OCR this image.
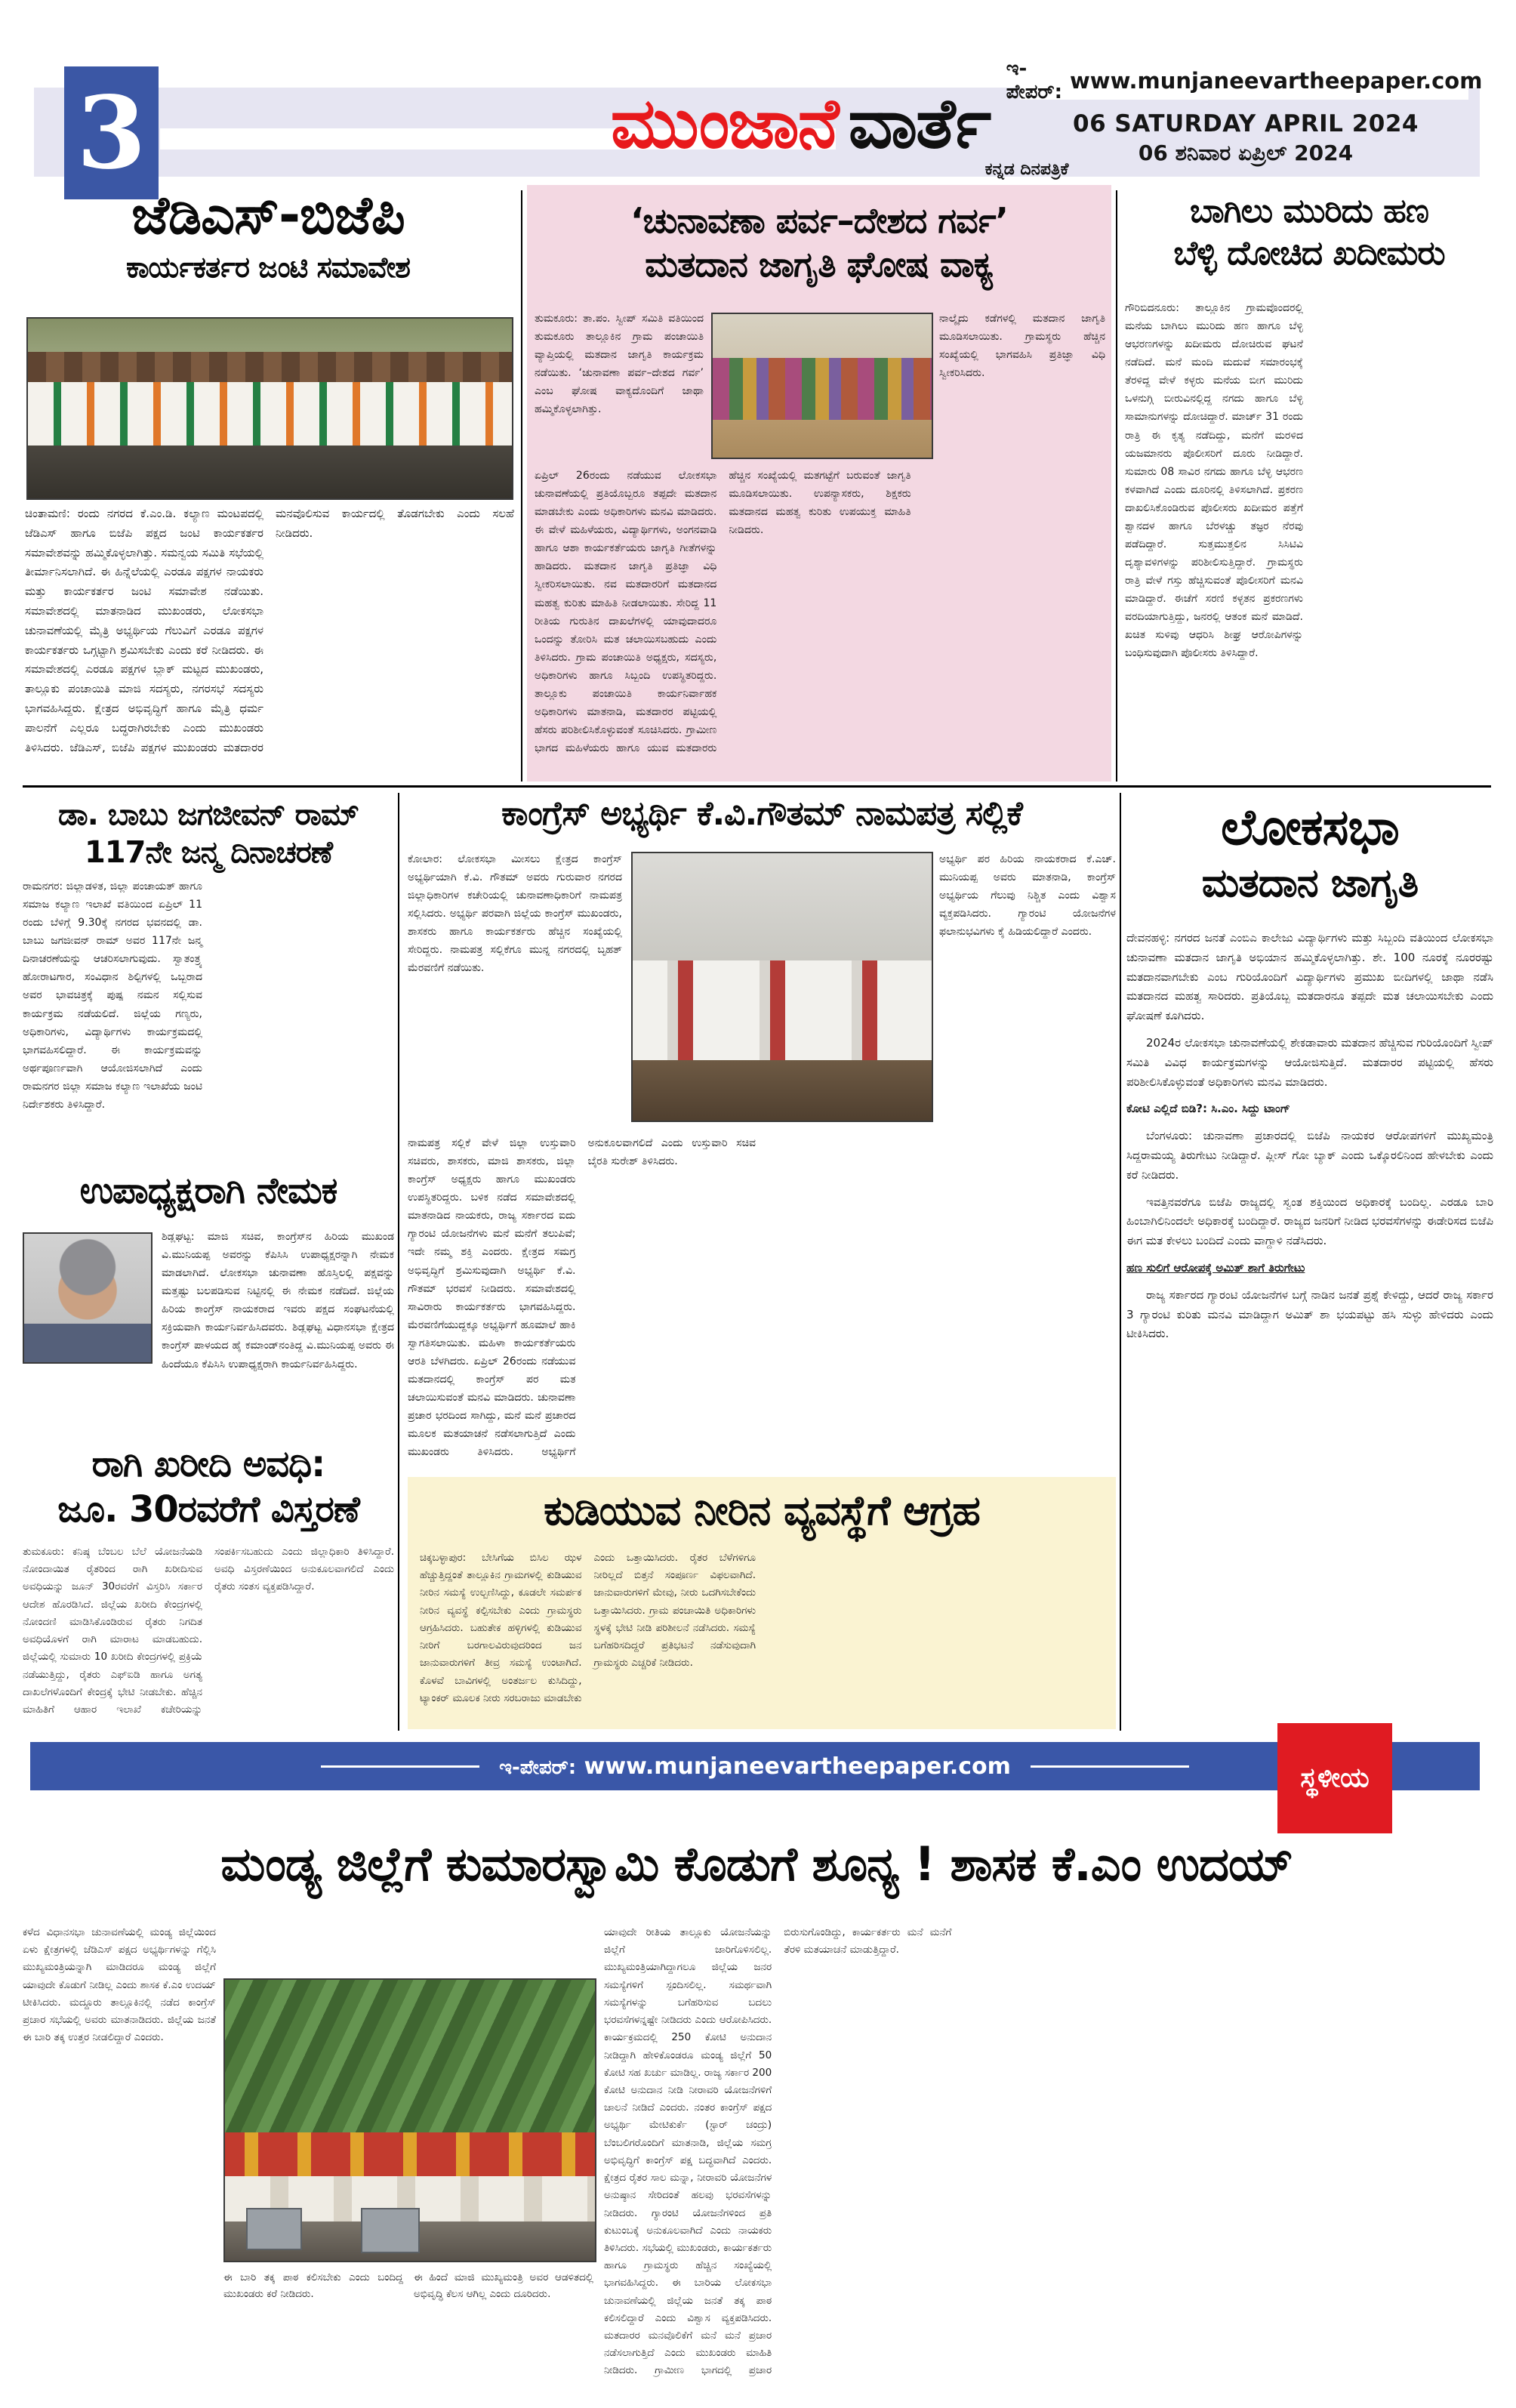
3	ಮುಂಜಾನೆ ವಾರ್ತೆ
ಕನ್ನಡ ದಿನಪತ್ರಿಕೆ
ಇ-ಪೇಪರ್: www.munjaneevartheepaper.com
06 SATURDAY APRIL 2024
06 ಶನಿವಾರ ಏಪ್ರಿಲ್ 2024
ಜೆಡಿಎಸ್-ಬಿಜೆಪಿ
ಕಾರ್ಯಕರ್ತರ ಜಂಟಿ ಸಮಾವೇಶ

ಚಿಂತಾಮಣಿ: ರಂದು ನಗರದ ಕೆ.ಎಂ.ಡಿ. ಕಲ್ಯಾಣ ಮಂಟಪದಲ್ಲಿ ಜೆಡಿಎಸ್ ಹಾಗೂ ಬಿಜೆಪಿ ಪಕ್ಷದ ಜಂಟಿ ಕಾರ್ಯಕರ್ತರ ಸಮಾವೇಶವನ್ನು ಹಮ್ಮಿಕೊಳ್ಳಲಾಗಿತ್ತು. ಸಮನ್ವಯ ಸಮಿತಿ ಸಭೆಯಲ್ಲಿ ತೀರ್ಮಾನಿಸಲಾಗಿದೆ. ಈ ಹಿನ್ನೆಲೆಯಲ್ಲಿ ಎರಡೂ ಪಕ್ಷಗಳ ನಾಯಕರು ಮತ್ತು ಕಾರ್ಯಕರ್ತರ ಜಂಟಿ ಸಮಾವೇಶ ನಡೆಯಿತು. ಸಮಾವೇಶದಲ್ಲಿ ಮಾತನಾಡಿದ ಮುಖಂಡರು, ಲೋಕಸಭಾ ಚುನಾವಣೆಯಲ್ಲಿ ಮೈತ್ರಿ ಅಭ್ಯರ್ಥಿಯ ಗೆಲುವಿಗೆ ಎರಡೂ ಪಕ್ಷಗಳ ಕಾರ್ಯಕರ್ತರು ಒಗ್ಗಟ್ಟಾಗಿ ಶ್ರಮಿಸಬೇಕು ಎಂದು ಕರೆ ನೀಡಿದರು. ಈ ಸಮಾವೇಶದಲ್ಲಿ ಎರಡೂ ಪಕ್ಷಗಳ ಬ್ಲಾಕ್ ಮಟ್ಟದ ಮುಖಂಡರು, ತಾಲ್ಲೂಕು ಪಂಚಾಯಿತಿ ಮಾಜಿ ಸದಸ್ಯರು, ನಗರಸಭೆ ಸದಸ್ಯರು ಭಾಗವಹಿಸಿದ್ದರು. ಕ್ಷೇತ್ರದ ಅಭಿವೃದ್ಧಿಗೆ ಹಾಗೂ ಮೈತ್ರಿ ಧರ್ಮ ಪಾಲನೆಗೆ ಎಲ್ಲರೂ ಬದ್ಧರಾಗಿರಬೇಕು ಎಂದು ಮುಖಂಡರು ತಿಳಿಸಿದರು. ಜೆಡಿಎಸ್, ಬಿಜೆಪಿ ಪಕ್ಷಗಳ ಮುಖಂಡರು ಮತದಾರರ ಮನವೊಲಿಸುವ ಕಾರ್ಯದಲ್ಲಿ ತೊಡಗಬೇಕು ಎಂದು ಸಲಹೆ ನೀಡಿದರು.

‘ಚುನಾವಣಾ ಪರ್ವ–ದೇಶದ ಗರ್ವ’
ಮತದಾನ ಜಾಗೃತಿ ಘೋಷ ವಾಕ್ಯ

ತುಮಕೂರು: ತಾ.ಪಂ. ಸ್ವೀಪ್ ಸಮಿತಿ ವತಿಯಿಂದ ತುಮಕೂರು ತಾಲ್ಲೂಕಿನ ಗ್ರಾಮ ಪಂಚಾಯಿತಿ ವ್ಯಾಪ್ತಿಯಲ್ಲಿ ಮತದಾನ ಜಾಗೃತಿ ಕಾರ್ಯಕ್ರಮ ನಡೆಯಿತು. ‘ಚುನಾವಣಾ ಪರ್ವ–ದೇಶದ ಗರ್ವ’ ಎಂಬ ಘೋಷ ವಾಕ್ಯದೊಂದಿಗೆ ಜಾಥಾ ಹಮ್ಮಿಕೊಳ್ಳಲಾಗಿತ್ತು.

ನಾಲ್ಕೈದು ಕಡೆಗಳಲ್ಲಿ ಮತದಾನ ಜಾಗೃತಿ ಮೂಡಿಸಲಾಯಿತು. ಗ್ರಾಮಸ್ಥರು ಹೆಚ್ಚಿನ ಸಂಖ್ಯೆಯಲ್ಲಿ ಭಾಗವಹಿಸಿ ಪ್ರತಿಜ್ಞಾ ವಿಧಿ ಸ್ವೀಕರಿಸಿದರು.

ಏಪ್ರಿಲ್ 26ರಂದು ನಡೆಯುವ ಲೋಕಸಭಾ ಚುನಾವಣೆಯಲ್ಲಿ ಪ್ರತಿಯೊಬ್ಬರೂ ತಪ್ಪದೇ ಮತದಾನ ಮಾಡಬೇಕು ಎಂದು ಅಧಿಕಾರಿಗಳು ಮನವಿ ಮಾಡಿದರು. ಈ ವೇಳೆ ಮಹಿಳೆಯರು, ವಿದ್ಯಾರ್ಥಿಗಳು, ಅಂಗನವಾಡಿ ಹಾಗೂ ಆಶಾ ಕಾರ್ಯಕರ್ತೆಯರು ಜಾಗೃತಿ ಗೀತೆಗಳನ್ನು ಹಾಡಿದರು. ಮತದಾನ ಜಾಗೃತಿ ಪ್ರತಿಜ್ಞಾ ವಿಧಿ ಸ್ವೀಕರಿಸಲಾಯಿತು. ನವ ಮತದಾರರಿಗೆ ಮತದಾನದ ಮಹತ್ವ ಕುರಿತು ಮಾಹಿತಿ ನೀಡಲಾಯಿತು. ಸೇರಿದ್ದ 11 ರೀತಿಯ ಗುರುತಿನ ದಾಖಲೆಗಳಲ್ಲಿ ಯಾವುದಾದರೂ ಒಂದನ್ನು ತೋರಿಸಿ ಮತ ಚಲಾಯಿಸಬಹುದು ಎಂದು ತಿಳಿಸಿದರು. ಗ್ರಾಮ ಪಂಚಾಯಿತಿ ಅಧ್ಯಕ್ಷರು, ಸದಸ್ಯರು, ಅಧಿಕಾರಿಗಳು ಹಾಗೂ ಸಿಬ್ಬಂದಿ ಉಪಸ್ಥಿತರಿದ್ದರು. ತಾಲ್ಲೂಕು ಪಂಚಾಯಿತಿ ಕಾರ್ಯನಿರ್ವಾಹಕ ಅಧಿಕಾರಿಗಳು ಮಾತನಾಡಿ, ಮತದಾರರ ಪಟ್ಟಿಯಲ್ಲಿ ಹೆಸರು ಪರಿಶೀಲಿಸಿಕೊಳ್ಳುವಂತೆ ಸೂಚಿಸಿದರು. ಗ್ರಾಮೀಣ ಭಾಗದ ಮಹಿಳೆಯರು ಹಾಗೂ ಯುವ ಮತದಾರರು ಹೆಚ್ಚಿನ ಸಂಖ್ಯೆಯಲ್ಲಿ ಮತಗಟ್ಟೆಗೆ ಬರುವಂತೆ ಜಾಗೃತಿ ಮೂಡಿಸಲಾಯಿತು. ಉಪನ್ಯಾಸಕರು, ಶಿಕ್ಷಕರು ಮತದಾನದ ಮಹತ್ವ ಕುರಿತು ಉಪಯುಕ್ತ ಮಾಹಿತಿ ನೀಡಿದರು.

ಬಾಗಿಲು ಮುರಿದು ಹಣ
ಬೆಳ್ಳಿ ದೋಚಿದ ಖದೀಮರು

ಗೌರಿಬಿದನೂರು: ತಾಲ್ಲೂಕಿನ ಗ್ರಾಮವೊಂದರಲ್ಲಿ ಮನೆಯ ಬಾಗಿಲು ಮುರಿದು ಹಣ ಹಾಗೂ ಬೆಳ್ಳಿ ಆಭರಣಗಳನ್ನು ಖದೀಮರು ದೋಚಿರುವ ಘಟನೆ ನಡೆದಿದೆ. ಮನೆ ಮಂದಿ ಮದುವೆ ಸಮಾರಂಭಕ್ಕೆ ತೆರಳಿದ್ದ ವೇಳೆ ಕಳ್ಳರು ಮನೆಯ ಬೀಗ ಮುರಿದು ಒಳನುಗ್ಗಿ ಬೀರುವಿನಲ್ಲಿದ್ದ ನಗದು ಹಾಗೂ ಬೆಳ್ಳಿ ಸಾಮಾನುಗಳನ್ನು ದೋಚಿದ್ದಾರೆ. ಮಾರ್ಚ್ 31 ರಂದು ರಾತ್ರಿ ಈ ಕೃತ್ಯ ನಡೆದಿದ್ದು, ಮನೆಗೆ ಮರಳಿದ ಯಜಮಾನರು ಪೊಲೀಸರಿಗೆ ದೂರು ನೀಡಿದ್ದಾರೆ. ಸುಮಾರು 08 ಸಾವಿರ ನಗದು ಹಾಗೂ ಬೆಳ್ಳಿ ಆಭರಣ ಕಳವಾಗಿದೆ ಎಂದು ದೂರಿನಲ್ಲಿ ತಿಳಿಸಲಾಗಿದೆ. ಪ್ರಕರಣ ದಾಖಲಿಸಿಕೊಂಡಿರುವ ಪೊಲೀಸರು ಖದೀಮರ ಪತ್ತೆಗೆ ಶ್ವಾನದಳ ಹಾಗೂ ಬೆರಳಚ್ಚು ತಜ್ಞರ ನೆರವು ಪಡೆದಿದ್ದಾರೆ. ಸುತ್ತಮುತ್ತಲಿನ ಸಿಸಿಟಿವಿ ದೃಶ್ಯಾವಳಿಗಳನ್ನು ಪರಿಶೀಲಿಸುತ್ತಿದ್ದಾರೆ. ಗ್ರಾಮಸ್ಥರು ರಾತ್ರಿ ವೇಳೆ ಗಸ್ತು ಹೆಚ್ಚಿಸುವಂತೆ ಪೊಲೀಸರಿಗೆ ಮನವಿ ಮಾಡಿದ್ದಾರೆ. ಈಚೆಗೆ ಸರಣಿ ಕಳ್ಳತನ ಪ್ರಕರಣಗಳು ವರದಿಯಾಗುತ್ತಿದ್ದು, ಜನರಲ್ಲಿ ಆತಂಕ ಮನೆ ಮಾಡಿದೆ. ಖಚಿತ ಸುಳಿವು ಆಧರಿಸಿ ಶೀಘ್ರ ಆರೋಪಿಗಳನ್ನು ಬಂಧಿಸುವುದಾಗಿ ಪೊಲೀಸರು ತಿಳಿಸಿದ್ದಾರೆ.

ಡಾ. ಬಾಬು ಜಗಜೀವನ್ ರಾಮ್
117ನೇ ಜನ್ಮ ದಿನಾಚರಣೆ

ರಾಮನಗರ: ಜಿಲ್ಲಾಡಳಿತ, ಜಿಲ್ಲಾ ಪಂಚಾಯತ್ ಹಾಗೂ ಸಮಾಜ ಕಲ್ಯಾಣ ಇಲಾಖೆ ವತಿಯಿಂದ ಏಪ್ರಿಲ್ 11 ರಂದು ಬೆಳಿಗ್ಗೆ 9.30ಕ್ಕೆ ನಗರದ ಭವನದಲ್ಲಿ ಡಾ. ಬಾಬು ಜಗಜೀವನ್ ರಾಮ್ ಅವರ 117ನೇ ಜನ್ಮ ದಿನಾಚರಣೆಯನ್ನು ಆಚರಿಸಲಾಗುವುದು. ಸ್ವಾತಂತ್ರ್ಯ ಹೋರಾಟಗಾರ, ಸಂವಿಧಾನ ಶಿಲ್ಪಿಗಳಲ್ಲಿ ಒಬ್ಬರಾದ ಅವರ ಭಾವಚಿತ್ರಕ್ಕೆ ಪುಷ್ಪ ನಮನ ಸಲ್ಲಿಸುವ ಕಾರ್ಯಕ್ರಮ ನಡೆಯಲಿದೆ. ಜಿಲ್ಲೆಯ ಗಣ್ಯರು, ಅಧಿಕಾರಿಗಳು, ವಿದ್ಯಾರ್ಥಿಗಳು ಕಾರ್ಯಕ್ರಮದಲ್ಲಿ ಭಾಗವಹಿಸಲಿದ್ದಾರೆ. ಈ ಕಾರ್ಯಕ್ರಮವನ್ನು ಅರ್ಥಪೂರ್ಣವಾಗಿ ಆಯೋಜಿಸಲಾಗಿದೆ ಎಂದು ರಾಮನಗರ ಜಿಲ್ಲಾ ಸಮಾಜ ಕಲ್ಯಾಣ ಇಲಾಖೆಯ ಜಂಟಿ ನಿರ್ದೇಶಕರು ತಿಳಿಸಿದ್ದಾರೆ.

ಉಪಾಧ್ಯಕ್ಷರಾಗಿ ನೇಮಕ

ಶಿಡ್ಲಘಟ್ಟ: ಮಾಜಿ ಸಚಿವ, ಕಾಂಗ್ರೆಸ್‌ನ ಹಿರಿಯ ಮುಖಂಡ ವಿ.ಮುನಿಯಪ್ಪ ಅವರನ್ನು ಕೆಪಿಸಿಸಿ ಉಪಾಧ್ಯಕ್ಷರನ್ನಾಗಿ ನೇಮಕ ಮಾಡಲಾಗಿದೆ. ಲೋಕಸಭಾ ಚುನಾವಣಾ ಹೊಸ್ತಿಲಲ್ಲಿ ಪಕ್ಷವನ್ನು ಮತ್ತಷ್ಟು ಬಲಪಡಿಸುವ ನಿಟ್ಟಿನಲ್ಲಿ ಈ ನೇಮಕ ನಡೆದಿದೆ. ಜಿಲ್ಲೆಯ ಹಿರಿಯ ಕಾಂಗ್ರೆಸ್ ನಾಯಕರಾದ ಇವರು ಪಕ್ಷದ ಸಂಘಟನೆಯಲ್ಲಿ ಸಕ್ರಿಯವಾಗಿ ಕಾರ್ಯನಿರ್ವಹಿಸಿದವರು. ಶಿಡ್ಲಘಟ್ಟ ವಿಧಾನಸಭಾ ಕ್ಷೇತ್ರದ ಕಾಂಗ್ರೆಸ್ ಪಾಳಯದ ಹೈ ಕಮಾಂಡ್‌ನಂತಿದ್ದ ವಿ.ಮುನಿಯಪ್ಪ ಅವರು ಈ ಹಿಂದೆಯೂ ಕೆಪಿಸಿಸಿ ಉಪಾಧ್ಯಕ್ಷರಾಗಿ ಕಾರ್ಯನಿರ್ವಹಿಸಿದ್ದರು.

ರಾಗಿ ಖರೀದಿ ಅವಧಿ:
ಜೂ. 30ರವರೆಗೆ ವಿಸ್ತರಣೆ

ತುಮಕೂರು: ಕನಿಷ್ಠ ಬೆಂಬಲ ಬೆಲೆ ಯೋಜನೆಯಡಿ ನೋಂದಾಯಿತ ರೈತರಿಂದ ರಾಗಿ ಖರೀದಿಸುವ ಅವಧಿಯನ್ನು ಜೂನ್ 30ರವರೆಗೆ ವಿಸ್ತರಿಸಿ ಸರ್ಕಾರ ಆದೇಶ ಹೊರಡಿಸಿದೆ. ಜಿಲ್ಲೆಯ ಖರೀದಿ ಕೇಂದ್ರಗಳಲ್ಲಿ ನೋಂದಣಿ ಮಾಡಿಸಿಕೊಂಡಿರುವ ರೈತರು ನಿಗದಿತ ಅವಧಿಯೊಳಗೆ ರಾಗಿ ಮಾರಾಟ ಮಾಡಬಹುದು. ಜಿಲ್ಲೆಯಲ್ಲಿ ಸುಮಾರು 10 ಖರೀದಿ ಕೇಂದ್ರಗಳಲ್ಲಿ ಪ್ರಕ್ರಿಯೆ ನಡೆಯುತ್ತಿದ್ದು, ರೈತರು ಎಫ್‌ಐಡಿ ಹಾಗೂ ಅಗತ್ಯ ದಾಖಲೆಗಳೊಂದಿಗೆ ಕೇಂದ್ರಕ್ಕೆ ಭೇಟಿ ನೀಡಬೇಕು. ಹೆಚ್ಚಿನ ಮಾಹಿತಿಗೆ ಆಹಾರ ಇಲಾಖೆ ಕಚೇರಿಯನ್ನು ಸಂಪರ್ಕಿಸಬಹುದು ಎಂದು ಜಿಲ್ಲಾಧಿಕಾರಿ ತಿಳಿಸಿದ್ದಾರೆ. ಅವಧಿ ವಿಸ್ತರಣೆಯಿಂದ ಅನುಕೂಲವಾಗಲಿದೆ ಎಂದು ರೈತರು ಸಂತಸ ವ್ಯಕ್ತಪಡಿಸಿದ್ದಾರೆ.

ಕಾಂಗ್ರೆಸ್ ಅಭ್ಯರ್ಥಿ ಕೆ.ವಿ.ಗೌತಮ್ ನಾಮಪತ್ರ ಸಲ್ಲಿಕೆ

ಕೋಲಾರ: ಲೋಕಸಭಾ ಮೀಸಲು ಕ್ಷೇತ್ರದ ಕಾಂಗ್ರೆಸ್ ಅಭ್ಯರ್ಥಿಯಾಗಿ ಕೆ.ವಿ. ಗೌತಮ್ ಅವರು ಗುರುವಾರ ನಗರದ ಜಿಲ್ಲಾಧಿಕಾರಿಗಳ ಕಚೇರಿಯಲ್ಲಿ ಚುನಾವಣಾಧಿಕಾರಿಗೆ ನಾಮಪತ್ರ ಸಲ್ಲಿಸಿದರು. ಅಭ್ಯರ್ಥಿ ಪರವಾಗಿ ಜಿಲ್ಲೆಯ ಕಾಂಗ್ರೆಸ್ ಮುಖಂಡರು, ಶಾಸಕರು ಹಾಗೂ ಕಾರ್ಯಕರ್ತರು ಹೆಚ್ಚಿನ ಸಂಖ್ಯೆಯಲ್ಲಿ ಸೇರಿದ್ದರು. ನಾಮಪತ್ರ ಸಲ್ಲಿಕೆಗೂ ಮುನ್ನ ನಗರದಲ್ಲಿ ಬೃಹತ್ ಮೆರವಣಿಗೆ ನಡೆಯಿತು.

ಅಭ್ಯರ್ಥಿ ಪರ ಹಿರಿಯ ನಾಯಕರಾದ ಕೆ.ಎಚ್. ಮುನಿಯಪ್ಪ ಅವರು ಮಾತನಾಡಿ, ಕಾಂಗ್ರೆಸ್ ಅಭ್ಯರ್ಥಿಯ ಗೆಲುವು ನಿಶ್ಚಿತ ಎಂದು ವಿಶ್ವಾಸ ವ್ಯಕ್ತಪಡಿಸಿದರು. ಗ್ಯಾರಂಟಿ ಯೋಜನೆಗಳ ಫಲಾನುಭವಿಗಳು ಕೈ ಹಿಡಿಯಲಿದ್ದಾರೆ ಎಂದರು.

ನಾಮಪತ್ರ ಸಲ್ಲಿಕೆ ವೇಳೆ ಜಿಲ್ಲಾ ಉಸ್ತುವಾರಿ ಸಚಿವರು, ಶಾಸಕರು, ಮಾಜಿ ಶಾಸಕರು, ಜಿಲ್ಲಾ ಕಾಂಗ್ರೆಸ್ ಅಧ್ಯಕ್ಷರು ಹಾಗೂ ಮುಖಂಡರು ಉಪಸ್ಥಿತರಿದ್ದರು. ಬಳಿಕ ನಡೆದ ಸಮಾವೇಶದಲ್ಲಿ ಮಾತನಾಡಿದ ನಾಯಕರು, ರಾಜ್ಯ ಸರ್ಕಾರದ ಐದು ಗ್ಯಾರಂಟಿ ಯೋಜನೆಗಳು ಮನೆ ಮನೆಗೆ ತಲುಪಿವೆ; ಇದೇ ನಮ್ಮ ಶಕ್ತಿ ಎಂದರು. ಕ್ಷೇತ್ರದ ಸಮಗ್ರ ಅಭಿವೃದ್ಧಿಗೆ ಶ್ರಮಿಸುವುದಾಗಿ ಅಭ್ಯರ್ಥಿ ಕೆ.ವಿ. ಗೌತಮ್ ಭರವಸೆ ನೀಡಿದರು. ಸಮಾವೇಶದಲ್ಲಿ ಸಾವಿರಾರು ಕಾರ್ಯಕರ್ತರು ಭಾಗವಹಿಸಿದ್ದರು. ಮೆರವಣಿಗೆಯುದ್ದಕ್ಕೂ ಅಭ್ಯರ್ಥಿಗೆ ಹೂಮಾಲೆ ಹಾಕಿ ಸ್ವಾಗತಿಸಲಾಯಿತು. ಮಹಿಳಾ ಕಾರ್ಯಕರ್ತೆಯರು ಆರತಿ ಬೆಳಗಿದರು. ಏಪ್ರಿಲ್ 26ರಂದು ನಡೆಯುವ ಮತದಾನದಲ್ಲಿ ಕಾಂಗ್ರೆಸ್ ಪರ ಮತ ಚಲಾಯಿಸುವಂತೆ ಮನವಿ ಮಾಡಿದರು. ಚುನಾವಣಾ ಪ್ರಚಾರ ಭರದಿಂದ ಸಾಗಿದ್ದು, ಮನೆ ಮನೆ ಪ್ರಚಾರದ ಮೂಲಕ ಮತಯಾಚನೆ ನಡೆಸಲಾಗುತ್ತಿದೆ ಎಂದು ಮುಖಂಡರು ತಿಳಿಸಿದರು. ಅಭ್ಯರ್ಥಿಗೆ ಅನುಕೂಲವಾಗಲಿದೆ ಎಂದು ಉಸ್ತುವಾರಿ ಸಚಿವ ಬೈರತಿ ಸುರೇಶ್ ತಿಳಿಸಿದರು.

ಕುಡಿಯುವ ನೀರಿನ ವ್ಯವಸ್ಥೆಗೆ ಆಗ್ರಹ

ಚಿಕ್ಕಬಳ್ಳಾಪುರ: ಬೇಸಿಗೆಯ ಬಿಸಿಲ ಝಳ ಹೆಚ್ಚುತ್ತಿದ್ದಂತೆ ತಾಲ್ಲೂಕಿನ ಗ್ರಾಮಗಳಲ್ಲಿ ಕುಡಿಯುವ ನೀರಿನ ಸಮಸ್ಯೆ ಉಲ್ಬಣಿಸಿದ್ದು, ಕೂಡಲೇ ಸಮರ್ಪಕ ನೀರಿನ ವ್ಯವಸ್ಥೆ ಕಲ್ಪಿಸಬೇಕು ಎಂದು ಗ್ರಾಮಸ್ಥರು ಆಗ್ರಹಿಸಿದರು. ಬಹುತೇಕ ಹಳ್ಳಿಗಳಲ್ಲಿ ಕುಡಿಯುವ ನೀರಿಗೆ ಬರಗಾಲವಿರುವುದರಿಂದ ಜನ ಜಾನುವಾರುಗಳಿಗೆ ತೀವ್ರ ಸಮಸ್ಯೆ ಉಂಟಾಗಿದೆ. ಕೊಳವೆ ಬಾವಿಗಳಲ್ಲಿ ಅಂತರ್ಜಲ ಕುಸಿದಿದ್ದು, ಟ್ಯಾಂಕರ್ ಮೂಲಕ ನೀರು ಸರಬರಾಜು ಮಾಡಬೇಕು ಎಂದು ಒತ್ತಾಯಿಸಿದರು. ರೈತರ ಬೆಳೆಗಳಿಗೂ ನೀರಿಲ್ಲದೆ ಬಿತ್ತನೆ ಸಂಪೂರ್ಣ ವಿಫಲವಾಗಿದೆ. ಜಾನುವಾರುಗಳಿಗೆ ಮೇವು, ನೀರು ಒದಗಿಸಬೇಕೆಂದು ಒತ್ತಾಯಿಸಿದರು. ಗ್ರಾಮ ಪಂಚಾಯಿತಿ ಅಧಿಕಾರಿಗಳು ಸ್ಥಳಕ್ಕೆ ಭೇಟಿ ನೀಡಿ ಪರಿಶೀಲನೆ ನಡೆಸಿದರು. ಸಮಸ್ಯೆ ಬಗೆಹರಿಸದಿದ್ದರೆ ಪ್ರತಿಭಟನೆ ನಡೆಸುವುದಾಗಿ ಗ್ರಾಮಸ್ಥರು ಎಚ್ಚರಿಕೆ ನೀಡಿದರು.

ಲೋಕಸಭಾ
ಮತದಾನ ಜಾಗೃತಿ

ದೇವನಹಳ್ಳಿ: ನಗರದ ಜನತೆ ಎಂಬಿಎ ಕಾಲೇಜು ವಿದ್ಯಾರ್ಥಿಗಳು ಮತ್ತು ಸಿಬ್ಬಂದಿ ವತಿಯಿಂದ ಲೋಕಸಭಾ ಚುನಾವಣಾ ಮತದಾನ ಜಾಗೃತಿ ಅಭಿಯಾನ ಹಮ್ಮಿಕೊಳ್ಳಲಾಗಿತ್ತು. ಶೇ. 100 ನೂರಕ್ಕೆ ನೂರರಷ್ಟು ಮತದಾನವಾಗಬೇಕು ಎಂಬ ಗುರಿಯೊಂದಿಗೆ ವಿದ್ಯಾರ್ಥಿಗಳು ಪ್ರಮುಖ ಬೀದಿಗಳಲ್ಲಿ ಜಾಥಾ ನಡೆಸಿ ಮತದಾನದ ಮಹತ್ವ ಸಾರಿದರು. ಪ್ರತಿಯೊಬ್ಬ ಮತದಾರನೂ ತಪ್ಪದೇ ಮತ ಚಲಾಯಿಸಬೇಕು ಎಂದು ಘೋಷಣೆ ಕೂಗಿದರು.

2024ರ ಲೋಕಸಭಾ ಚುನಾವಣೆಯಲ್ಲಿ ಶೇಕಡಾವಾರು ಮತದಾನ ಹೆಚ್ಚಿಸುವ ಗುರಿಯೊಂದಿಗೆ ಸ್ವೀಪ್ ಸಮಿತಿ ವಿವಿಧ ಕಾರ್ಯಕ್ರಮಗಳನ್ನು ಆಯೋಜಿಸುತ್ತಿದೆ. ಮತದಾರರ ಪಟ್ಟಿಯಲ್ಲಿ ಹೆಸರು ಪರಿಶೀಲಿಸಿಕೊಳ್ಳುವಂತೆ ಅಧಿಕಾರಿಗಳು ಮನವಿ ಮಾಡಿದರು.

ಕೋಟಿ ಎಲ್ಲಿದೆ ಬಿಡಿ?: ಸಿ.ಎಂ. ಸಿದ್ದು ಟಾಂಗ್

ಬೆಂಗಳೂರು: ಚುನಾವಣಾ ಪ್ರಚಾರದಲ್ಲಿ ಬಿಜೆಪಿ ನಾಯಕರ ಆರೋಪಗಳಿಗೆ ಮುಖ್ಯಮಂತ್ರಿ ಸಿದ್ದರಾಮಯ್ಯ ತಿರುಗೇಟು ನೀಡಿದ್ದಾರೆ. ಪ್ಲೀಸ್ ಗೋ ಬ್ಯಾಕ್ ಎಂದು ಒಕ್ಕೊರಲಿನಿಂದ ಹೇಳಬೇಕು ಎಂದು ಕರೆ ನೀಡಿದರು.

ಇವತ್ತಿನವರೆಗೂ ಬಿಜೆಪಿ ರಾಜ್ಯದಲ್ಲಿ ಸ್ವಂತ ಶಕ್ತಿಯಿಂದ ಅಧಿಕಾರಕ್ಕೆ ಬಂದಿಲ್ಲ. ಎರಡೂ ಬಾರಿ ಹಿಂಬಾಗಿಲಿನಿಂದಲೇ ಅಧಿಕಾರಕ್ಕೆ ಬಂದಿದ್ದಾರೆ. ರಾಜ್ಯದ ಜನರಿಗೆ ನೀಡಿದ ಭರವಸೆಗಳನ್ನು ಈಡೇರಿಸದ ಬಿಜೆಪಿ ಈಗ ಮತ ಕೇಳಲು ಬಂದಿದೆ ಎಂದು ವಾಗ್ದಾಳಿ ನಡೆಸಿದರು.

ಹಣ ಸುಲಿಗೆ ಆರೋಪಕ್ಕೆ ಅಮಿತ್ ಶಾಗೆ ತಿರುಗೇಟು

ರಾಜ್ಯ ಸರ್ಕಾರದ ಗ್ಯಾರಂಟಿ ಯೋಜನೆಗಳ ಬಗ್ಗೆ ನಾಡಿನ ಜನತೆ ಪ್ರಶ್ನೆ ಕೇಳಿದ್ದು, ಆದರೆ ರಾಜ್ಯ ಸರ್ಕಾರ 3 ಗ್ಯಾರಂಟಿ ಕುರಿತು ಮನವಿ ಮಾಡಿದ್ದಾಗ ಅಮಿತ್ ಶಾ ಭಯಪಟ್ಟು ಹಸಿ ಸುಳ್ಳು ಹೇಳಿದರು ಎಂದು ಟೀಕಿಸಿದರು.

ಇ-ಪೇಪರ್: www.munjaneevartheepaper.com	ಸ್ಥಳೀಯ
ಮಂಡ್ಯ ಜಿಲ್ಲೆಗೆ ಕುಮಾರಸ್ವಾಮಿ ಕೊಡುಗೆ ಶೂನ್ಯ ! ಶಾಸಕ ಕೆ.ಎಂ ಉದಯ್

ಕಳೆದ ವಿಧಾನಸಭಾ ಚುನಾವಣೆಯಲ್ಲಿ ಮಂಡ್ಯ ಜಿಲ್ಲೆಯಿಂದ ಏಳು ಕ್ಷೇತ್ರಗಳಲ್ಲಿ ಜೆಡಿಎಸ್ ಪಕ್ಷದ ಅಭ್ಯರ್ಥಿಗಳನ್ನು ಗೆಲ್ಲಿಸಿ ಮುಖ್ಯಮಂತ್ರಿಯನ್ನಾಗಿ ಮಾಡಿದರೂ ಮಂಡ್ಯ ಜಿಲ್ಲೆಗೆ ಯಾವುದೇ ಕೊಡುಗೆ ನೀಡಿಲ್ಲ ಎಂದು ಶಾಸಕ ಕೆ.ಎಂ ಉದಯ್ ಟೀಕಿಸಿದರು. ಮದ್ದೂರು ತಾಲ್ಲೂಕಿನಲ್ಲಿ ನಡೆದ ಕಾಂಗ್ರೆಸ್ ಪ್ರಚಾರ ಸಭೆಯಲ್ಲಿ ಅವರು ಮಾತನಾಡಿದರು. ಜಿಲ್ಲೆಯ ಜನತೆ ಈ ಬಾರಿ ತಕ್ಕ ಉತ್ತರ ನೀಡಲಿದ್ದಾರೆ ಎಂದರು.

ಈ ಬಾರಿ ತಕ್ಕ ಪಾಠ ಕಲಿಸಬೇಕು ಎಂದು ಬಂದಿದ್ದ ಮುಖಂಡರು ಕರೆ ನೀಡಿದರು.

ಈ ಹಿಂದೆ ಮಾಜಿ ಮುಖ್ಯಮಂತ್ರಿ ಅವರ ಆಡಳಿತದಲ್ಲಿ ಅಭಿವೃದ್ಧಿ ಕೆಲಸ ಆಗಿಲ್ಲ ಎಂದು ದೂರಿದರು.

ಯಾವುದೇ ರೀತಿಯ ತಾಲ್ಲೂಕು ಯೋಜನೆಯನ್ನು ಜಿಲ್ಲೆಗೆ ಜಾರಿಗೊಳಿಸಲಿಲ್ಲ. ಮುಖ್ಯಮಂತ್ರಿಯಾಗಿದ್ದಾಗಲೂ ಜಿಲ್ಲೆಯ ಜನರ ಸಮಸ್ಯೆಗಳಿಗೆ ಸ್ಪಂದಿಸಲಿಲ್ಲ. ಸಮರ್ಥವಾಗಿ ಸಮಸ್ಯೆಗಳನ್ನು ಬಗೆಹರಿಸುವ ಬದಲು ಭರವಸೆಗಳನ್ನಷ್ಟೇ ನೀಡಿದರು ಎಂದು ಆರೋಪಿಸಿದರು. ಕಾರ್ಯಕ್ರಮದಲ್ಲಿ 250 ಕೋಟಿ ಅನುದಾನ ನೀಡಿದ್ದಾಗಿ ಹೇಳಿಕೊಂಡರೂ ಮಂಡ್ಯ ಜಿಲ್ಲೆಗೆ 50 ಕೋಟಿ ಸಹ ಖರ್ಚು ಮಾಡಿಲ್ಲ. ರಾಜ್ಯ ಸರ್ಕಾರ 200 ಕೋಟಿ ಅನುದಾನ ನೀಡಿ ನೀರಾವರಿ ಯೋಜನೆಗಳಿಗೆ ಚಾಲನೆ ನೀಡಿದೆ ಎಂದರು. ನಂತರ ಕಾಂಗ್ರೆಸ್ ಪಕ್ಷದ ಅಭ್ಯರ್ಥಿ ಮೇಟಿಕುರ್ಕೆ (ಸ್ಟಾರ್ ಚಂದ್ರು) ಬೆಂಬಲಿಗರೊಂದಿಗೆ ಮಾತನಾಡಿ, ಜಿಲ್ಲೆಯ ಸಮಗ್ರ ಅಭಿವೃದ್ಧಿಗೆ ಕಾಂಗ್ರೆಸ್ ಪಕ್ಷ ಬದ್ಧವಾಗಿದೆ ಎಂದರು. ಕ್ಷೇತ್ರದ ರೈತರ ಸಾಲ ಮನ್ನಾ, ನೀರಾವರಿ ಯೋಜನೆಗಳ ಅನುಷ್ಠಾನ ಸೇರಿದಂತೆ ಹಲವು ಭರವಸೆಗಳನ್ನು ನೀಡಿದರು. ಗ್ಯಾರಂಟಿ ಯೋಜನೆಗಳಿಂದ ಪ್ರತಿ ಕುಟುಂಬಕ್ಕೆ ಅನುಕೂಲವಾಗಿದೆ ಎಂದು ನಾಯಕರು ತಿಳಿಸಿದರು. ಸಭೆಯಲ್ಲಿ ಮುಖಂಡರು, ಕಾರ್ಯಕರ್ತರು ಹಾಗೂ ಗ್ರಾಮಸ್ಥರು ಹೆಚ್ಚಿನ ಸಂಖ್ಯೆಯಲ್ಲಿ ಭಾಗವಹಿಸಿದ್ದರು. ಈ ಬಾರಿಯ ಲೋಕಸಭಾ ಚುನಾವಣೆಯಲ್ಲಿ ಜಿಲ್ಲೆಯ ಜನತೆ ತಕ್ಕ ಪಾಠ ಕಲಿಸಲಿದ್ದಾರೆ ಎಂದು ವಿಶ್ವಾಸ ವ್ಯಕ್ತಪಡಿಸಿದರು. ಮತದಾರರ ಮನವೊಲಿಕೆಗೆ ಮನೆ ಮನೆ ಪ್ರಚಾರ ನಡೆಸಲಾಗುತ್ತಿದೆ ಎಂದು ಮುಖಂಡರು ಮಾಹಿತಿ ನೀಡಿದರು. ಗ್ರಾಮೀಣ ಭಾಗದಲ್ಲಿ ಪ್ರಚಾರ ಬಿರುಸುಗೊಂಡಿದ್ದು, ಕಾರ್ಯಕರ್ತರು ಮನೆ ಮನೆಗೆ ತೆರಳಿ ಮತಯಾಚನೆ ಮಾಡುತ್ತಿದ್ದಾರೆ.
